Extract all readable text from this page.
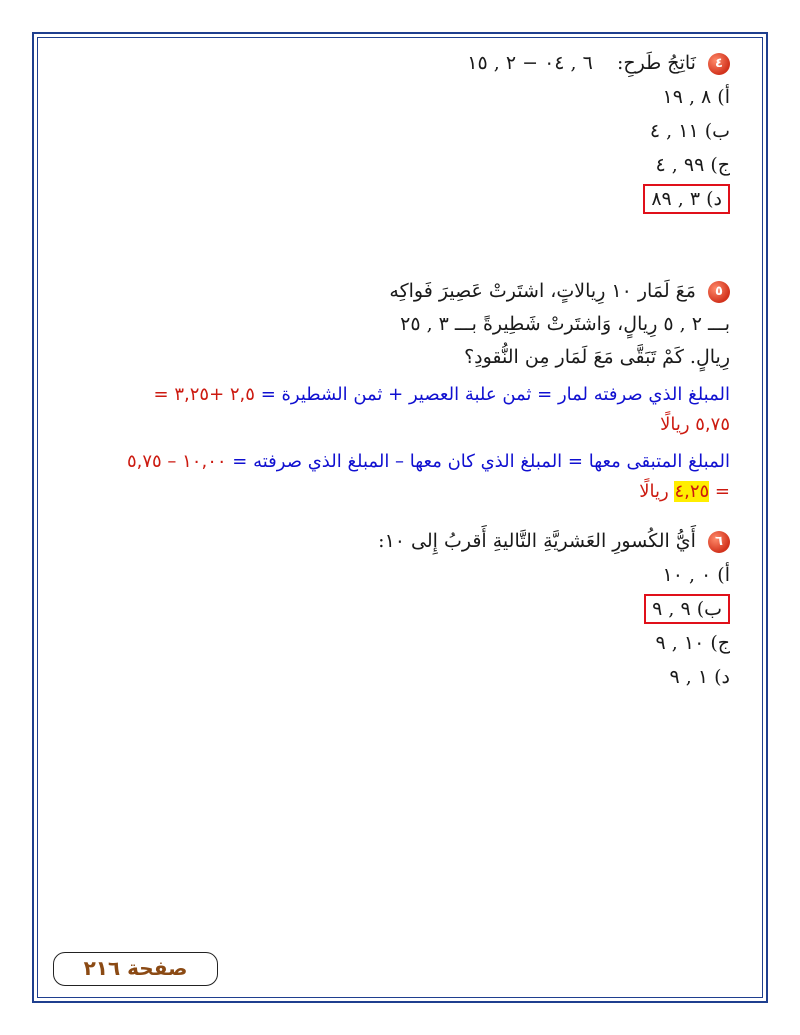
٤ نَاتِجُ طَرحِ:    ٦ , ٠٤ − ٢ , ١٥
أ) ٨ , ١٩
ب) ١١ , ٤
ج) ٩٩ , ٤
د) ٣ , ٨٩
٥ مَعَ لَمَار ١٠ رِيالاتٍ، اشتَرتْ عَصِيرَ فَواكِه
بـــ ٢ , ٥ رِيالٍ، وَاشتَرتْ شَطِيرةً بـــ ٣ , ٢٥
رِيالٍ. كَمْ تَبَقَّى مَعَ لَمَار مِن النُّقودِ؟
المبلغ الذي صرفته لمار = ثمن علبة العصير + ثمن الشطيرة = ٢,٥ +٣,٢٥ =
٥,٧٥ ريالًا
المبلغ المتبقى معها = المبلغ الذي كان معها – المبلغ الذي صرفته = ١٠,٠٠ – ٥,٧٥
= ٤,٢٥ ريالًا
٦ أَيُّ الكُسورِ العَشريَّةِ التَّاليةِ أَقربُ إِلى ١٠:
أ) ٠ , ١٠
ب) ٩ , ٩
ج) ١٠ , ٩
د) ١ , ٩
صفحة ٢١٦
